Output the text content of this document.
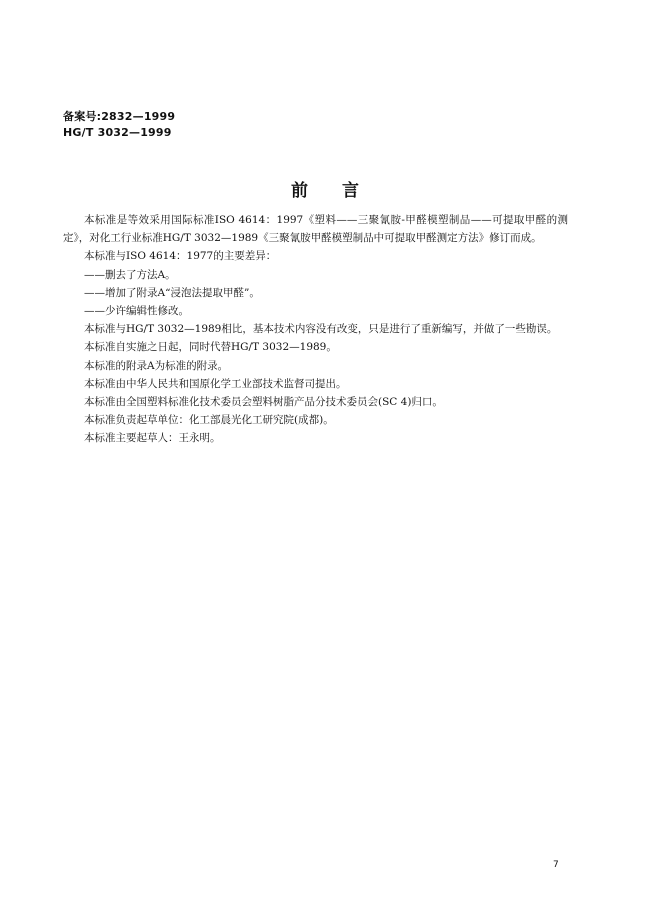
备案号:2832—1999
HG/T 3032—1999
前言

本标准是等效采用国际标准ISO 4614：1997《塑料——三聚氰胺-甲醛模塑制品——可提取甲醛的测定》，对化工行业标准HG/T 3032—1989《三聚氰胺甲醛模塑制品中可提取甲醛测定方法》修订而成。

本标准与ISO 4614：1977的主要差异：

——删去了方法A。

——增加了附录A“浸泡法提取甲醛”。

——少许编辑性修改。

本标准与HG/T 3032—1989相比，基本技术内容没有改变，只是进行了重新编写，并做了一些勘误。

本标准自实施之日起，同时代替HG/T 3032—1989。

本标准的附录A为标准的附录。

本标准由中华人民共和国原化学工业部技术监督司提出。

本标准由全国塑料标准化技术委员会塑料树脂产品分技术委员会(SC 4)归口。

本标准负责起草单位：化工部晨光化工研究院(成都)。

本标准主要起草人：王永明。

7
